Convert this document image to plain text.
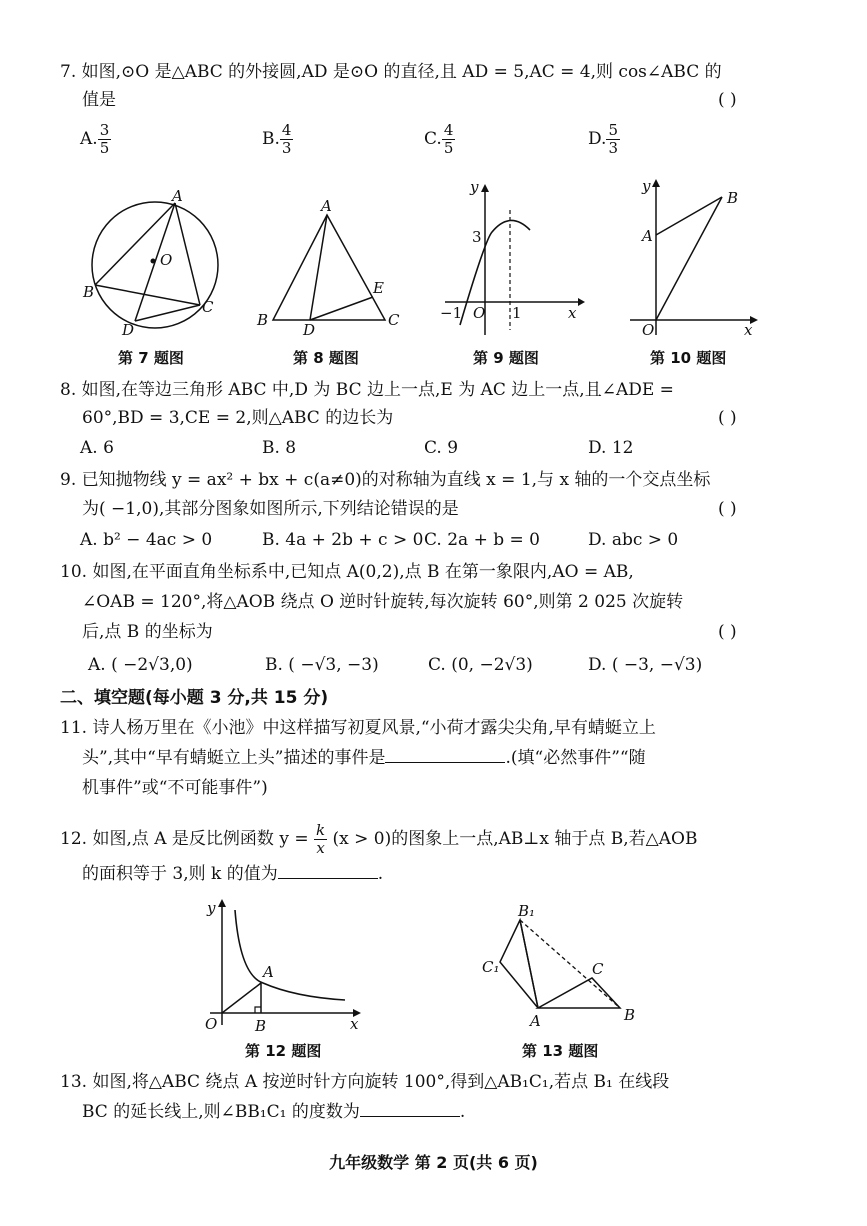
7. 如图,⊙O 是△ABC 的外接圆,AD 是⊙O 的直径,且 AD = 5,AC = 4,则 cos∠ABC 的
值是	( )
A. $\frac{3}{5}$	B. $\frac{4}{3}$	C. $\frac{4}{5}$	D. $\frac{5}{3}$
A
B
C
D
O
第 7 题图
A
B	C
D
E
第 8 题图
y
x
3
−1 O 1
第 9 题图
y
x
A
B
O
第 10 题图
8. 如图,在等边三角形 ABC 中,D 为 BC 边上一点,E 为 AC 边上一点,且∠ADE =
60°,BD = 3,CE = 2,则△ABC 的边长为	( )
A. 6	B. 8	C. 9	D. 12
9. 已知抛物线 y = ax² + bx + c(a≠0)的对称轴为直线 x = 1,与 x 轴的一个交点坐标
为( −1,0),其部分图象如图所示,下列结论错误的是	( )
A. b² − 4ac > 0	B. 4a + 2b + c > 0 C. 2a + b = 0	D. abc > 0
10. 如图,在平面直角坐标系中,已知点 A(0,2),点 B 在第一象限内,AO = AB,
∠OAB = 120°,将△AOB 绕点 O 逆时针旋转,每次旋转 60°,则第 2 025 次旋转
后,点 B 的坐标为	( )
A. ( −2√3,0)	B. ( −√3, −3)	C. (0, −2√3)	D. ( −3, −√3)
二、填空题(每小题 3 分,共 15 分)
11. 诗人杨万里在《小池》中这样描写初夏风景,“小荷才露尖尖角,早有蜻蜓立上
头”,其中“早有蜻蜓立上头”描述的事件是	.(填“必然事件”“随
机事件”或“不可能事件”)
12. 如图,点 A 是反比例函数 $y = \frac{k}{x} (x > 0)$的图象上一点,AB⊥x 轴于点 B,若△AOB
的面积等于 3,则 k 的值为	.
y
x
A
B
O
第 12 题图
B₁
C₁
A	B
C
第 13 题图
13. 如图,将△ABC 绕点 A 按逆时针方向旋转 100°,得到△AB₁C₁,若点 B₁ 在线段
BC 的延长线上,则∠BB₁C₁ 的度数为	.
九年级数学 第 2 页(共 6 页)
